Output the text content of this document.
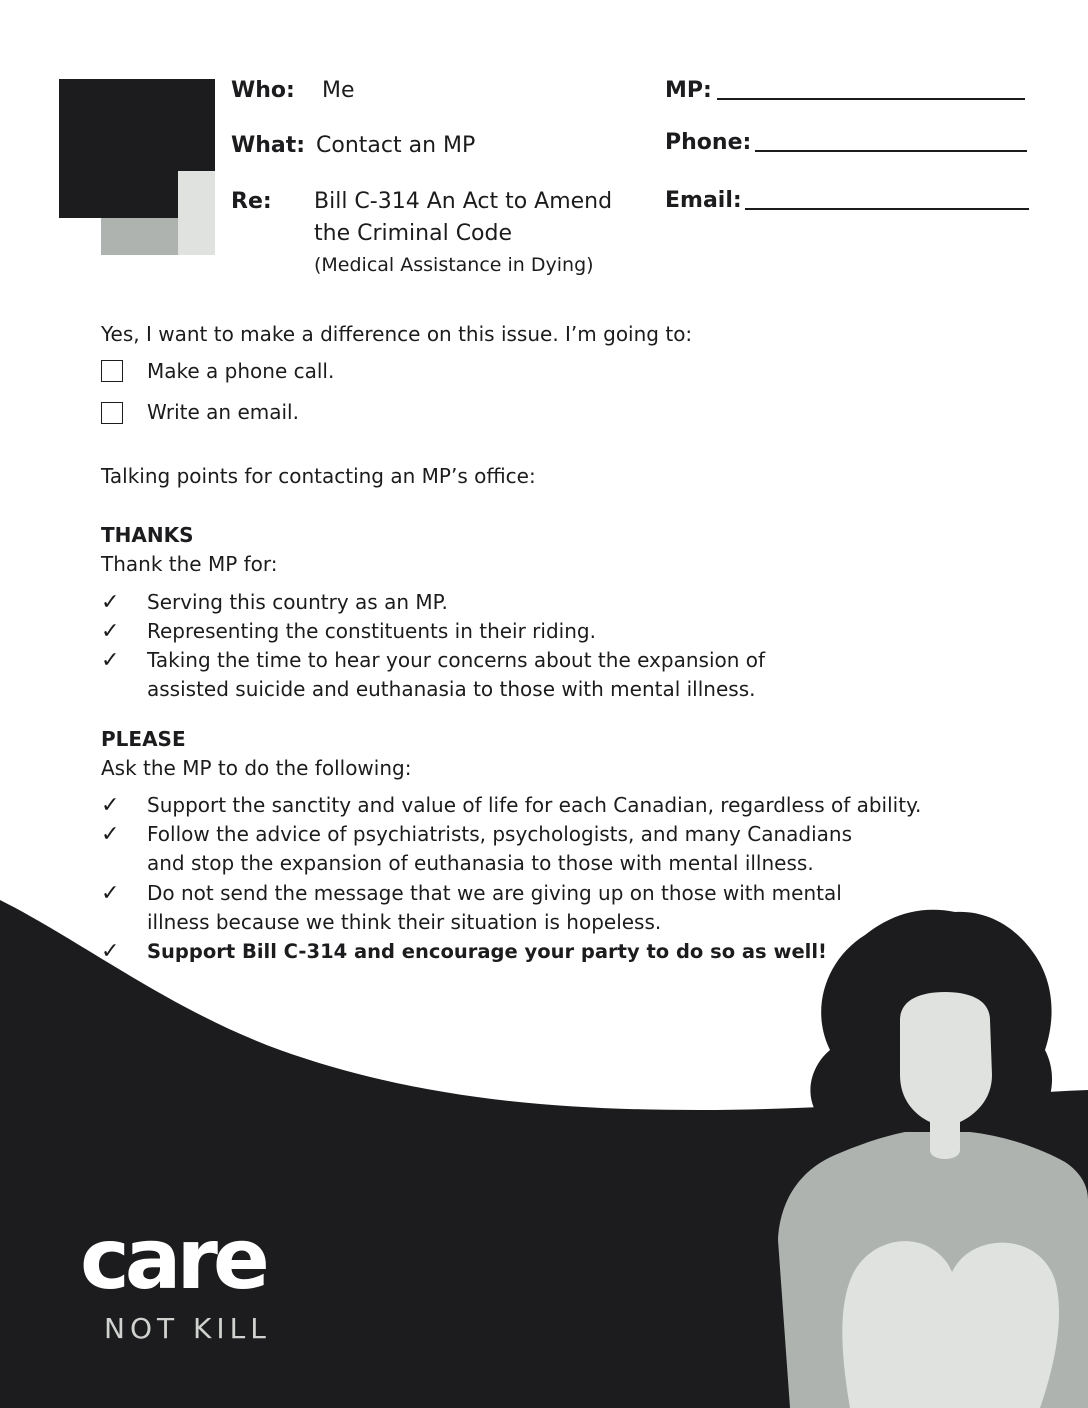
Who: Me
What: Contact an MP
Re: Bill C-314 An Act to Amend
the Criminal Code
(Medical Assistance in Dying)
MP:
Phone:
Email:
Yes, I want to make a difference on this issue. I’m going to:
Make a phone call.
Write an email.
Talking points for contacting an MP’s office:
THANKS
Thank the MP for:
✓ Serving this country as an MP.
✓ Representing the constituents in their riding.
✓ Taking the time to hear your concerns about the expansion of
assisted suicide and euthanasia to those with mental illness.
PLEASE
Ask the MP to do the following:
✓ Support the sanctity and value of life for each Canadian, regardless of ability.
✓ Follow the advice of psychiatrists, psychologists, and many Canadians
and stop the expansion of euthanasia to those with mental illness.
✓ Do not send the message that we are giving up on those with mental
illness because we think their situation is hopeless.
✓ Support Bill C-314 and encourage your party to do so as well!
care
NOT KILL
